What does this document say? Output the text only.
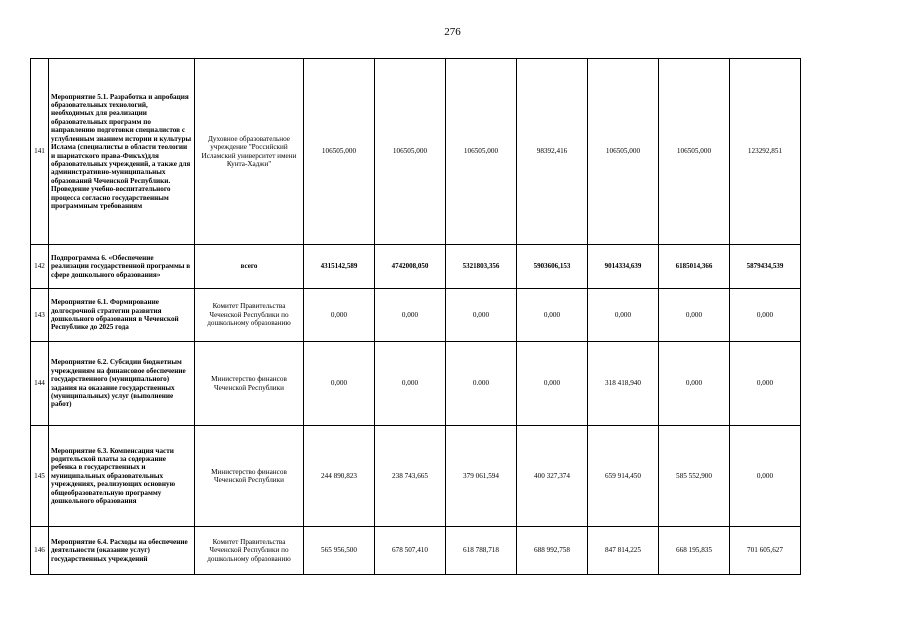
276
141	Мероприятие 5.1. Разработка и апробация образовательных технологий, необходимых для реализации образовательных программ по направлению подготовки специалистов с углубленным знанием истории и культуры Ислама (специалисты в области теологии и шариатского права-Фикъх)для образовательных учреждений, а также для административно-муниципальных образований Чеченской Республики. Проведение учебно-воспитательного процесса согласно государственным программным требованиям	Духовное образовательное учреждение "Российский Исламский университет имени Кунта-Хаджи"	106505,000	106505,000	106505,000	98392,416	106505,000	106505,000	123292,851
142	Подпрограмма 6. «Обеспечение реализации государственной программы в сфере дошкольного образования»	всего	4315142,589	4742008,050	5321803,356	5903606,153	9014334,639	6185014,366	5879434,539
143	Мероприятие 6.1. Формирование долгосрочной стратегии развития дошкольного образования в Чеченской Республике до 2025 года	Комитет Правительства Чеченской Республики по дошкольному образованию	0,000	0,000	0,000	0,000	0,000	0,000	0,000
144	Мероприятие 6.2. Субсидии бюджетным учреждениям на финансовое обеспечение государственного (муниципального) задания на оказание государственных (муниципальных) услуг (выполнение работ)	Министерство финансов Чеченской Республики	0,000	0,000	0.000	0,000	318 418,940	0,000	0,000
145	Мероприятие 6.3. Компенсация части родительской платы за содержание ребенка в государственных и муниципальных образовательных учреждениях, реализующих основную общеобразовательную программу дошкольного образования	Министерство финансов Чеченской Республики	244 890,823	238 743,665	379 061,594	400 327,374	659 914,450	585 552,900	0,000
146	Мероприятие 6.4. Расходы на обеспечение деятельности (оказание услуг) государственных учреждений	Комитет Правительства Чеченской Республики по дошкольному образованию	565 956,500	678 507,410	618 788,718	688 992,758	847 814,225	668 195,835	701 605,627
